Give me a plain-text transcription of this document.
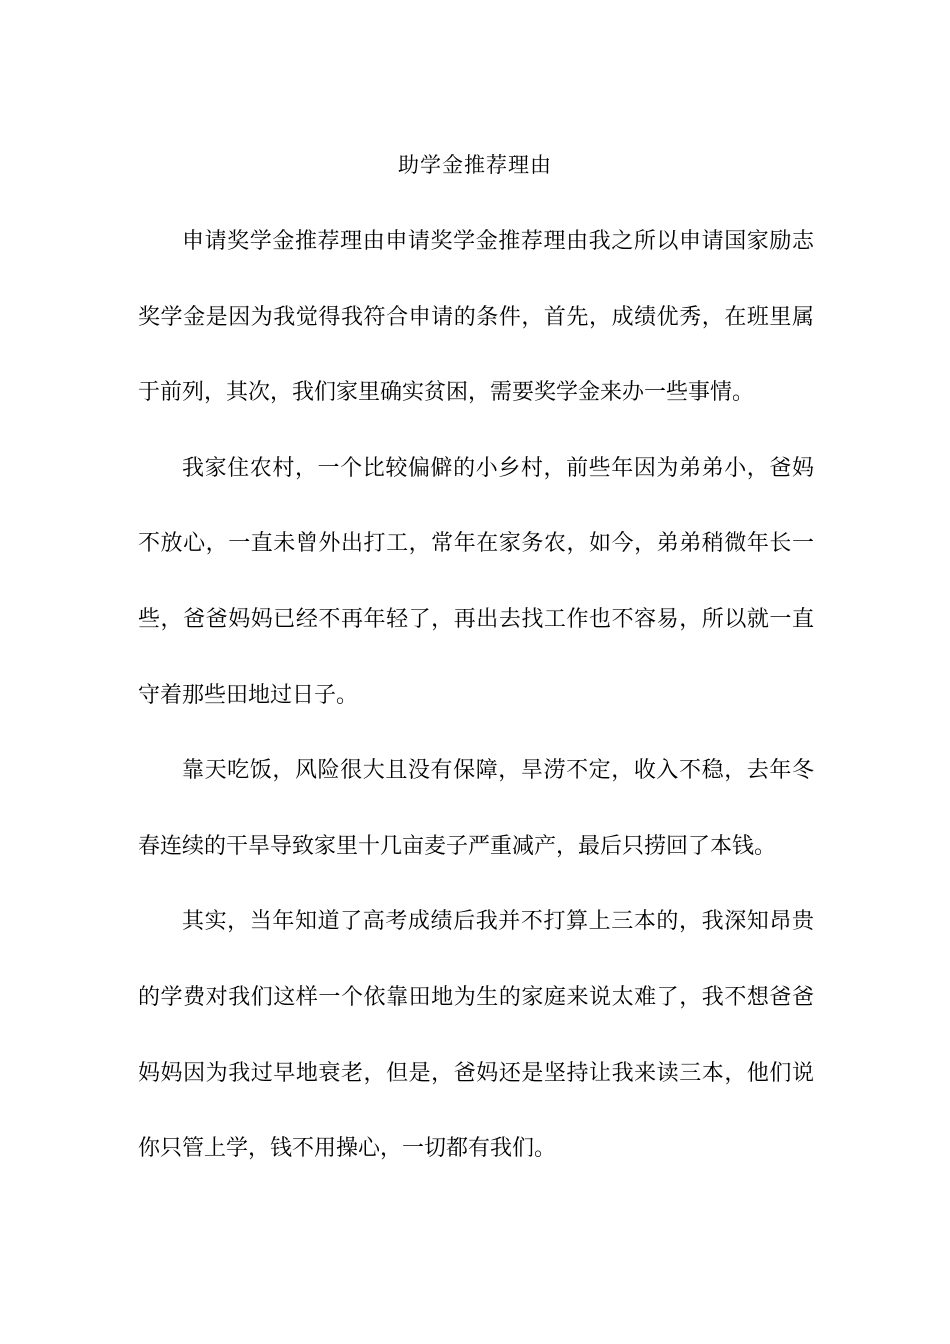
助学金推荐理由

申请奖学金推荐理由申请奖学金推荐理由我之所以申请国家励志奖学金是因为我觉得我符合申请的条件，首先，成绩优秀，在班里属于前列，其次，我们家里确实贫困，需要奖学金来办一些事情。

我家住农村，一个比较偏僻的小乡村，前些年因为弟弟小，爸妈不放心，一直未曾外出打工，常年在家务农，如今，弟弟稍微年长一些，爸爸妈妈已经不再年轻了，再出去找工作也不容易，所以就一直守着那些田地过日子。

靠天吃饭，风险很大且没有保障，旱涝不定，收入不稳，去年冬春连续的干旱导致家里十几亩麦子严重减产，最后只捞回了本钱。

其实，当年知道了高考成绩后我并不打算上三本的，我深知昂贵的学费对我们这样一个依靠田地为生的家庭来说太难了，我不想爸爸妈妈因为我过早地衰老，但是，爸妈还是坚持让我来读三本，他们说你只管上学，钱不用操心，一切都有我们。
